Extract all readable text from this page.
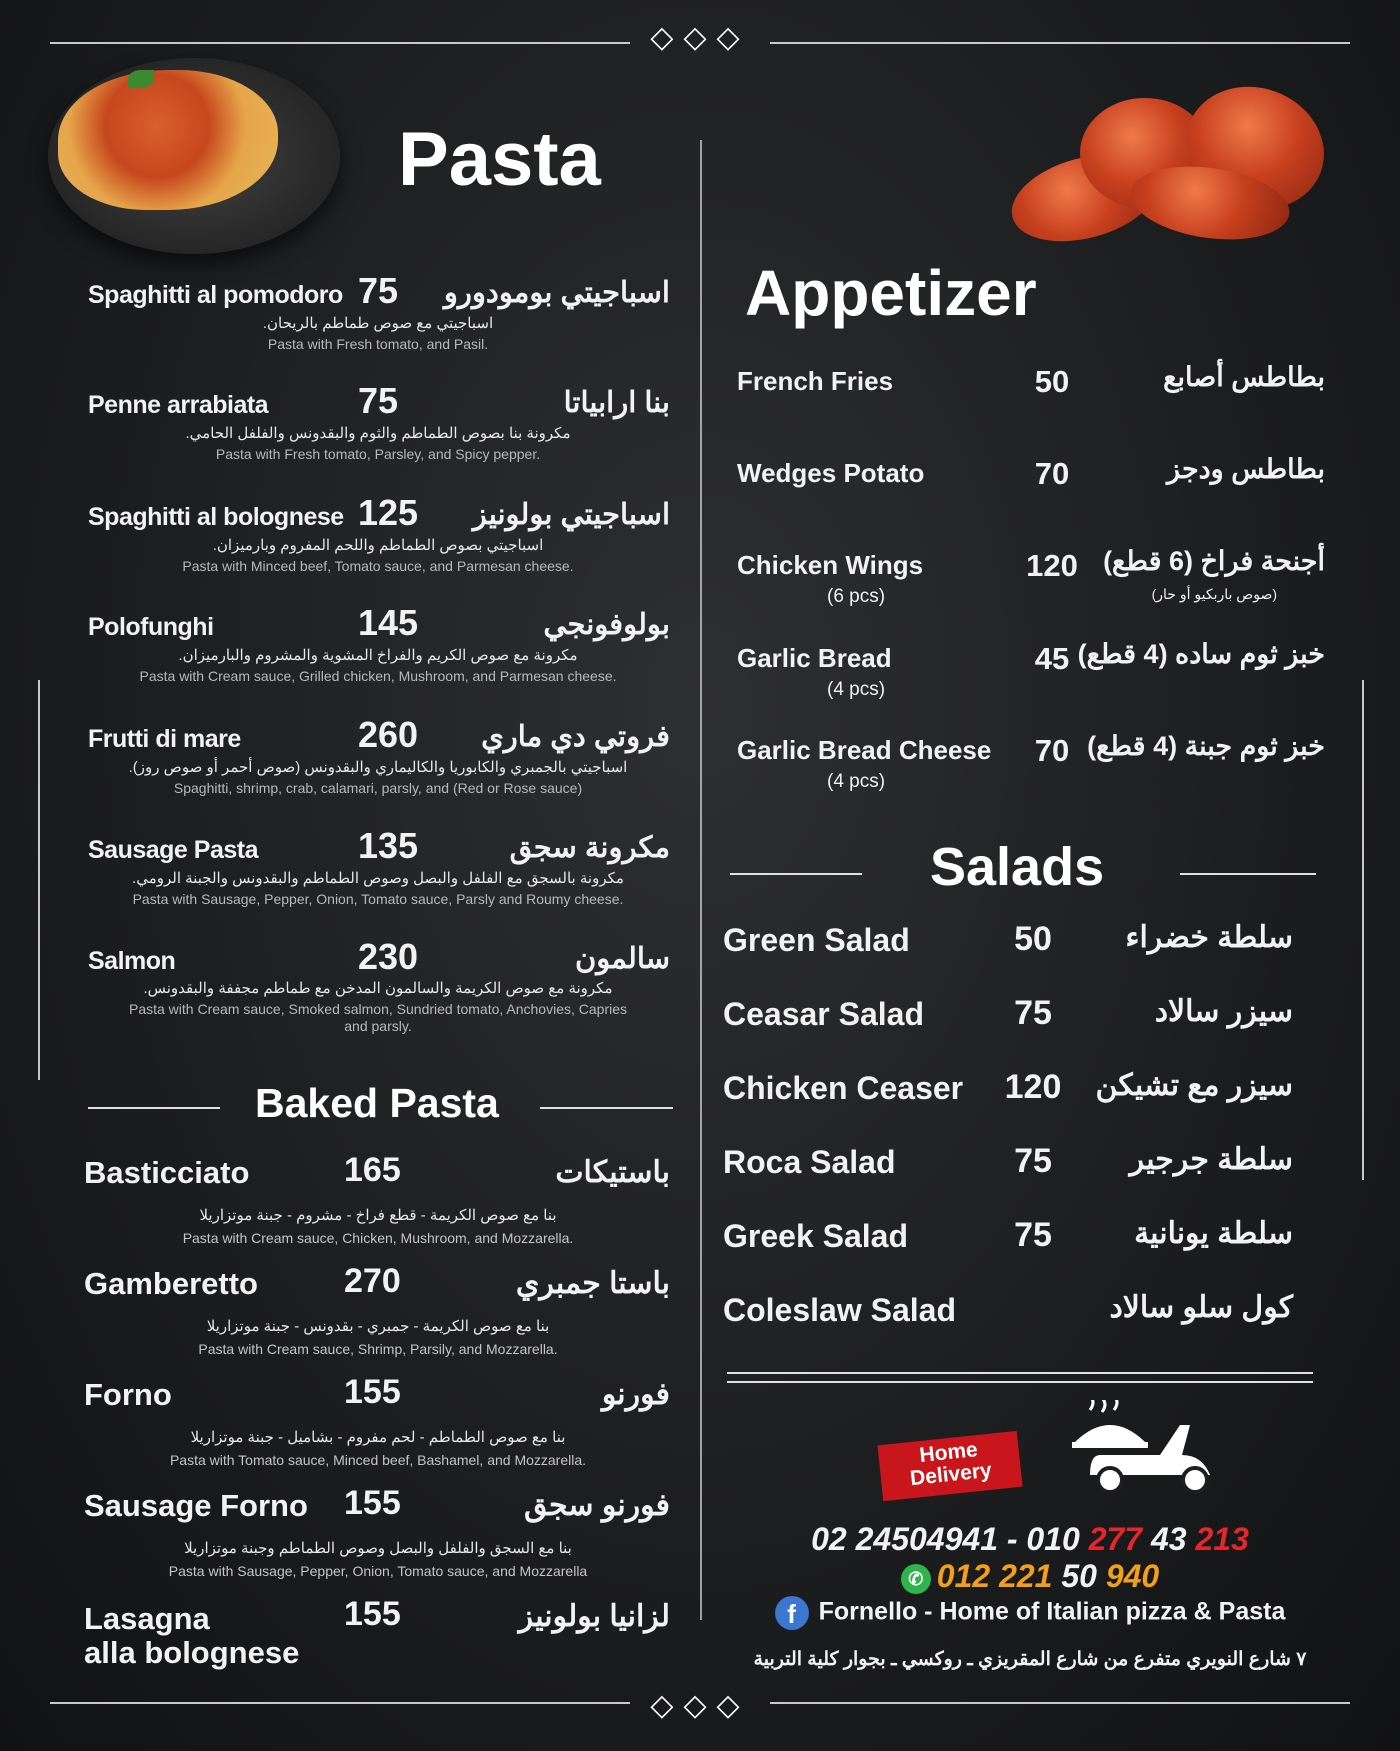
◇◇◇
◇◇◇
Pasta
Spaghitti al pomodoro 75 اسباجيتي بومودورو
اسباجيتي مع صوص طماطم بالريحان.
Pasta with Fresh tomato, and Pasil.
Penne arrabiata 75	بنا ارابياتا
مكرونة بنا بصوص الطماطم والثوم والبقدونس والفلفل الحامي.
Pasta with Fresh tomato, Parsley, and Spicy pepper.
Spaghitti al bolognese 125 اسباجيتي بولونيز
اسباجيتي بصوص الطماطم واللحم المفروم وبارميزان.
Pasta with Minced beef, Tomato sauce, and Parmesan cheese.
Polofunghi	145	بولوفونجي
مكرونة مع صوص الكريم والفراخ المشوية والمشروم والبارميزان.
Pasta with Cream sauce, Grilled chicken, Mushroom, and Parmesan cheese.
Frutti di mare	260 فروتي دي ماري
اسباجيتي بالجمبري والكابوريا والكاليماري والبقدونس (صوص أحمر أو صوص روز).
Spaghitti, shrimp, crab, calamari, parsly, and (Red or Rose sauce)
Sausage Pasta	135	مكرونة سجق
مكرونة بالسجق مع الفلفل والبصل وصوص الطماطم والبقدونس والجبنة الرومي.
Pasta with Sausage, Pepper, Onion, Tomato sauce, Parsly and Roumy cheese.
Salmon	230	سالمون
مكرونة مع صوص الكريمة والسالمون المدخن مع طماطم مجففة والبقدونس.
Pasta with Cream sauce, Smoked salmon, Sundried tomato, Anchovies, Capries and parsly.
Baked Pasta
Basticciato	165	باستيكات
بنا مع صوص الكريمة - قطع فراخ - مشروم - جبنة موتزاريلا
Pasta with Cream sauce, Chicken, Mushroom, and Mozzarella.
Gamberetto	270	باستا جمبري
بنا مع صوص الكريمة - جمبري - بقدونس - جبنة موتزاريلا
Pasta with Cream sauce, Shrimp, Parsily, and Mozzarella.
Forno	155	فورنو
بنا مع صوص الطماطم - لحم مفروم - بشاميل - جبنة موتزاريلا
Pasta with Tomato sauce, Minced beef, Bashamel, and Mozzarella.
Sausage Forno 155	فورنو سجق
بنا مع السجق والفلفل والبصل وصوص الطماطم وجبنة موتزاريلا
Pasta with Sausage, Pepper, Onion, Tomato sauce, and Mozzarella
Lasagna
alla bolognese
155	لزانيا بولونيز
Appetizer
French Fries	50	بطاطس أصابع
Wedges Potato	70	بطاطس ودجز
Chicken Wings	120 أجنحة فراخ (6 قطع)
(6 pcs)	(صوص باربكيو أو حار)
Garlic Bread	45 خبز ثوم ساده (4 قطع)
(4 pcs)
Garlic Bread Cheese	70 خبز ثوم جبنة (4 قطع)
(4 pcs)
Salads
Green Salad	50	سلطة خضراء
Ceasar Salad	75	سيزر سالاد
Chicken Ceaser	120	سيزر مع تشيكن
Roca Salad	75	سلطة جرجير
Greek Salad	75	سلطة يونانية
Coleslaw Salad	كول سلو سالاد
Home
Delivery
02 24504941 - 010 277 43 213
✆012 221 50 940
f Fornello - Home of Italian pizza & Pasta
٧ شارع النويري متفرع من شارع المقريزي ـ روكسي ـ بجوار كلية التربية
